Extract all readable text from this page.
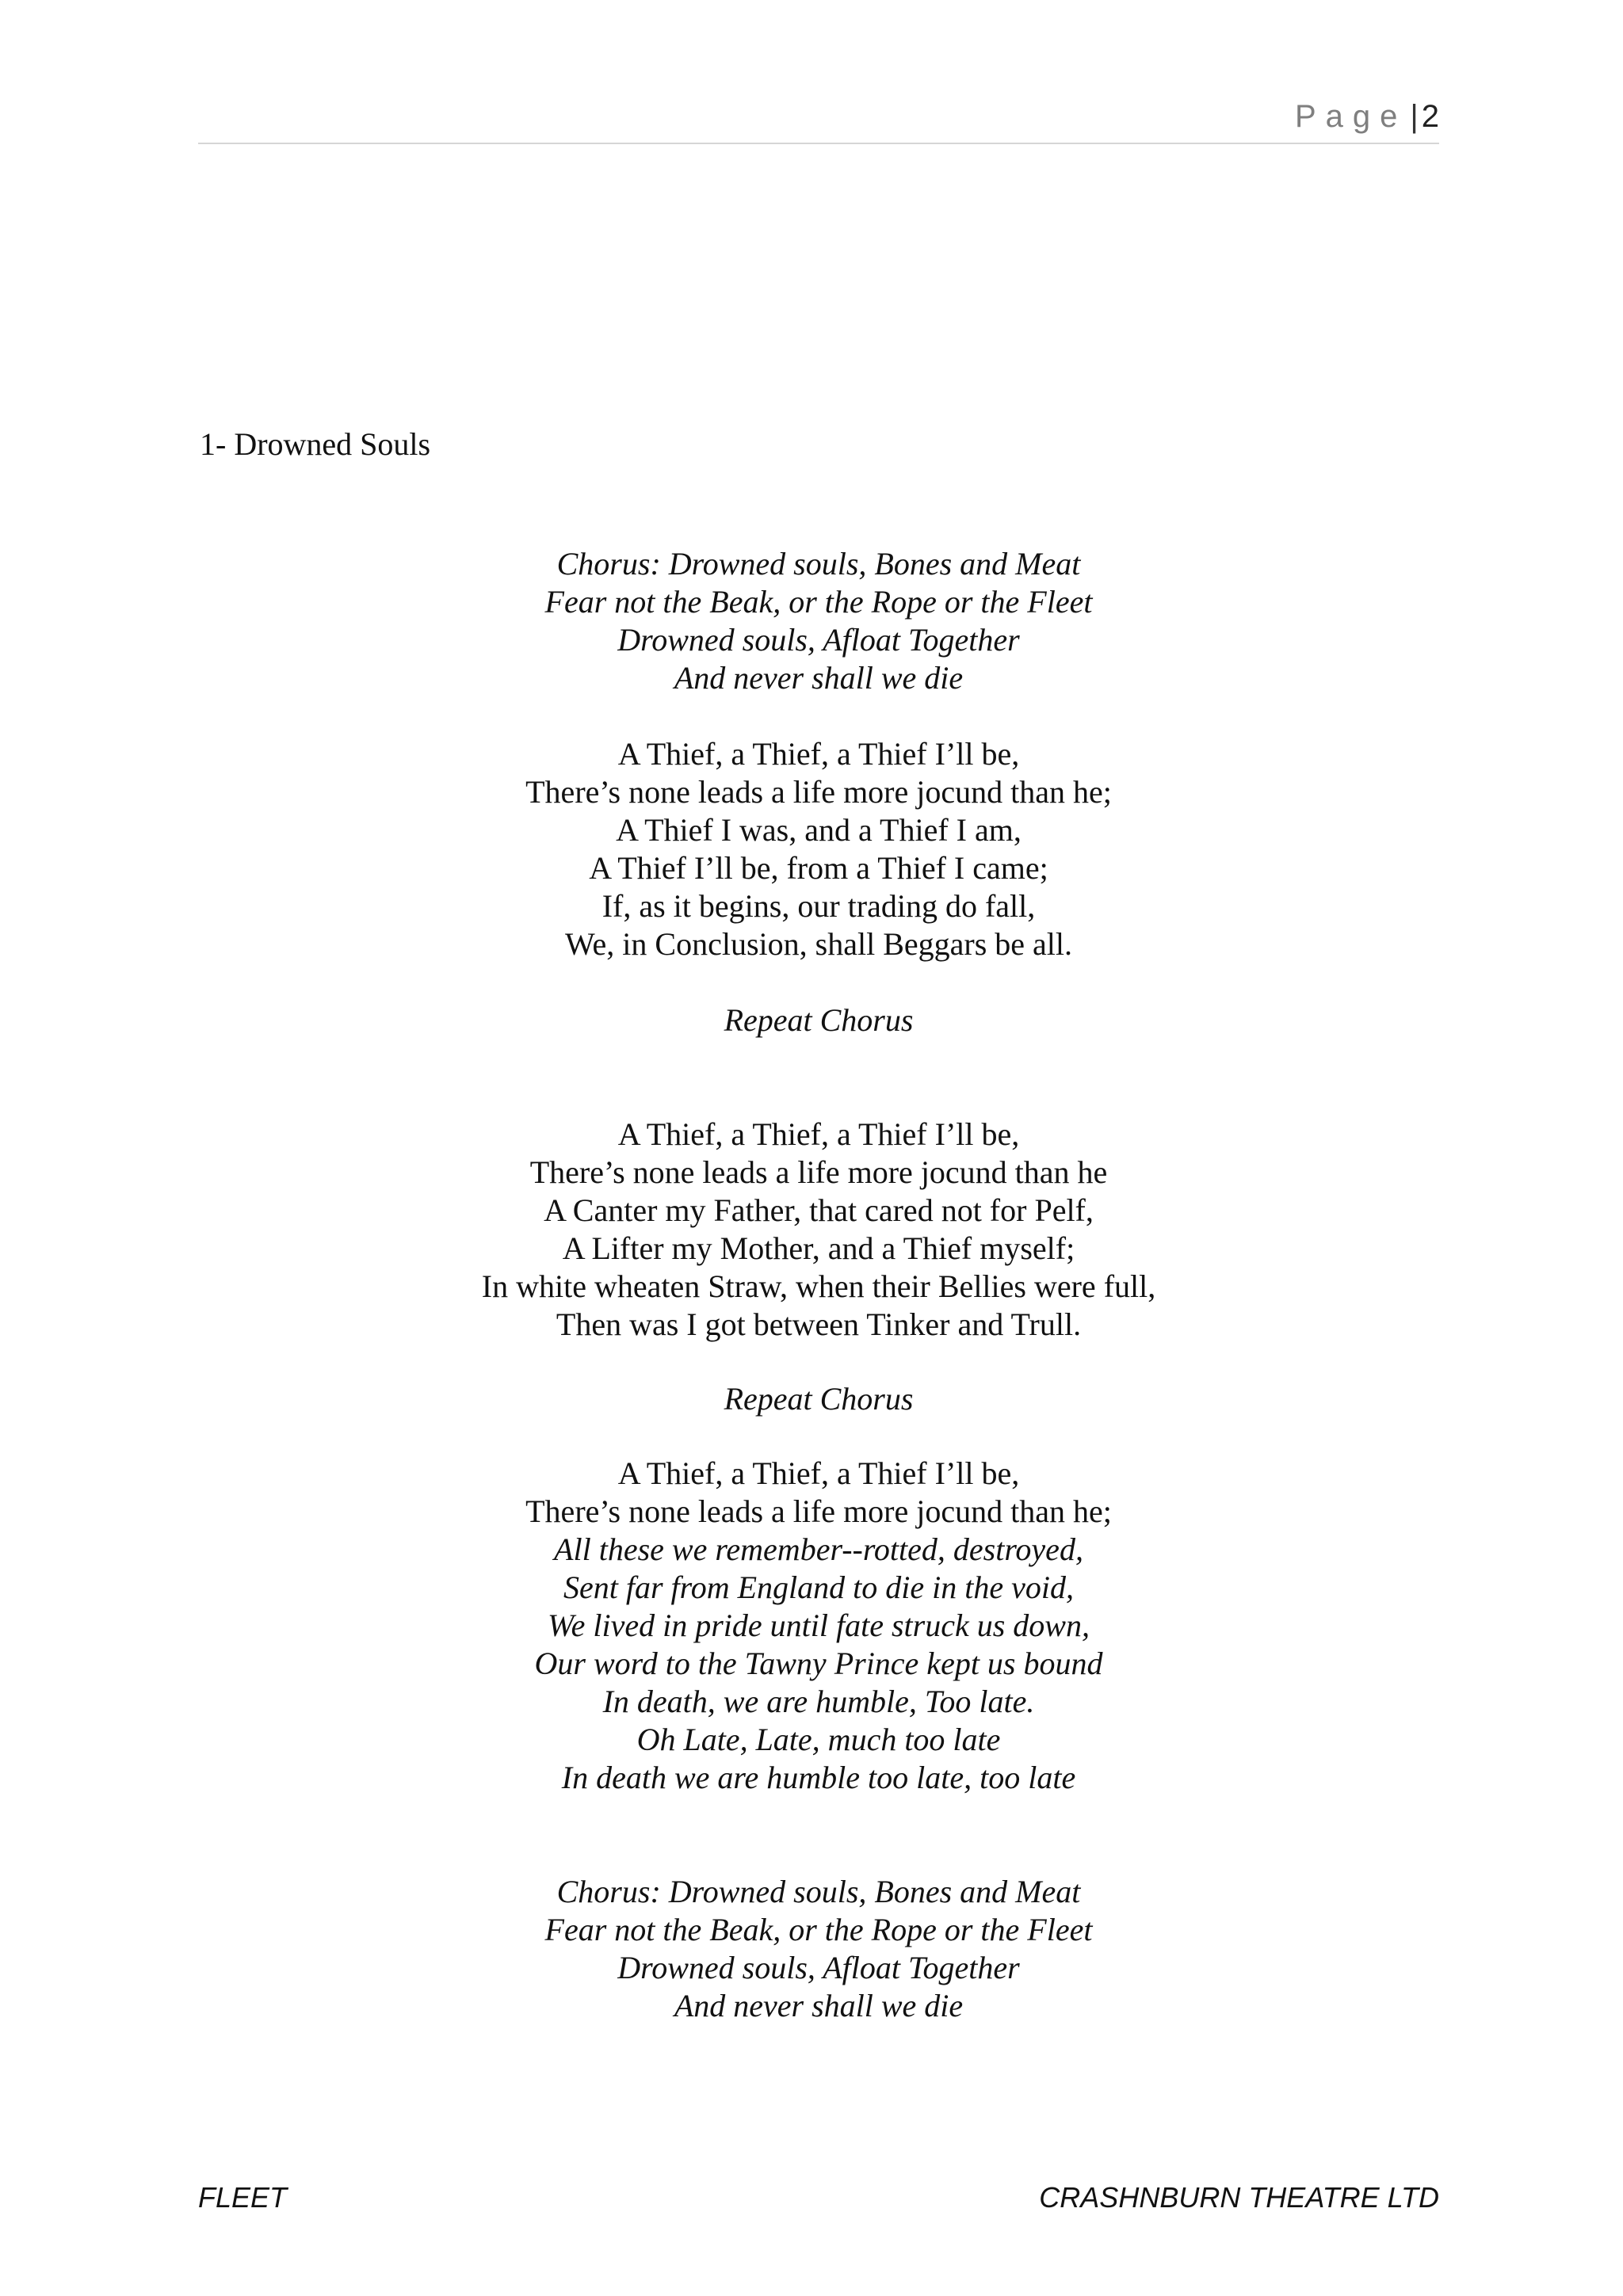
Page | 2
1- Drowned Souls
Chorus: Drowned souls, Bones and Meat
Fear not the Beak, or the Rope or the Fleet
Drowned souls, Afloat Together
And never shall we die
A Thief, a Thief, a Thief I’ll be,
There’s none leads a life more jocund than he;
A Thief I was, and a Thief I am,
A Thief I’ll be, from a Thief I came;
If, as it begins, our trading do fall,
We, in Conclusion, shall Beggars be all.
Repeat Chorus
A Thief, a Thief, a Thief I’ll be,
There’s none leads a life more jocund than he
A Canter my Father, that cared not for Pelf,
A Lifter my Mother, and a Thief myself;
In white wheaten Straw, when their Bellies were full,
Then was I got between Tinker and Trull.
Repeat Chorus
A Thief, a Thief, a Thief I’ll be,
There’s none leads a life more jocund than he;
All these we remember--rotted, destroyed,
Sent far from England to die in the void,
We lived in pride until fate struck us down,
Our word to the Tawny Prince kept us bound
In death, we are humble, Too late.
Oh Late, Late, much too late
In death we are humble too late, too late
Chorus: Drowned souls, Bones and Meat
Fear not the Beak, or the Rope or the Fleet
Drowned souls, Afloat Together
And never shall we die
FLEET	CRASHNBURN THEATRE LTD
